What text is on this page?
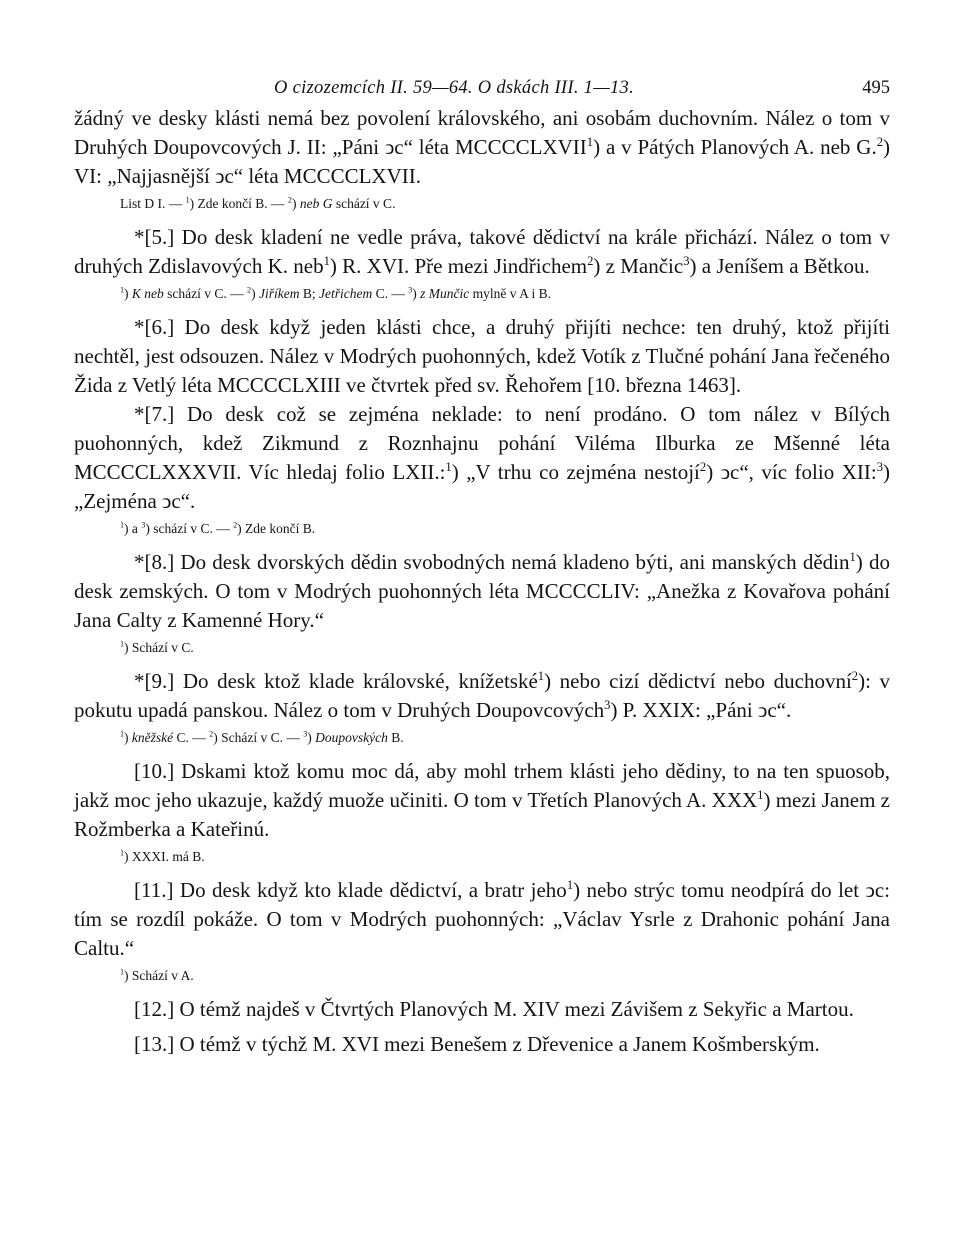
O cizozemcích II. 59—64. O dskách III. 1—13.	495
žádný ve desky klásti nemá bez povolení královského, ani osobám duchovním. Nález o tom v Druhých Doupovcových J. II: „Páni ↄc“ léta MCCCCLXVII$^1$) a v Pátých Planových A. neb G.$^2$) VI: „Najjasnější ↄc“ léta MCCCCLXVII.
List D I. — $^1$) Zde končí B. — $^2$) neb G schází v C.
*[5.] Do desk kladení ne vedle práva, takové dědictví na krále přichází. Nález o tom v druhých Zdislavových K. neb$^1$) R. XVI. Pře mezi Jindřichem$^2$) z Mančic$^3$) a Jeníšem a Bětkou.
$^1$) K neb schází v C. — $^2$) Jiříkem B; Jetřichem C. — $^3$) z Munčic mylně v A i B.
*[6.] Do desk když jeden klásti chce, a druhý přijíti nechce: ten druhý, ktož přijíti nechtěl, jest odsouzen. Nález v Modrých puohonných, kdež Votík z Tlučné pohání Jana řečeného Žida z Vetlý léta MCCCCLXIII ve čtvrtek před sv. Řehořem [10. března 1463].
*[7.] Do desk což se zejména neklade: to není prodáno. O tom nález v Bílých puohonných, kdež Zikmund z Roznhajnu pohání Viléma Ilburka ze Mšenné léta MCCCCLXXXVII. Víc hledaj folio LXII.:$^1$) „V trhu co zejména nestojí$^2$) ↄc“, víc folio XII:$^3$) „Zejména ↄc“.
$^1$) a $^3$) schází v C. — $^2$) Zde končí B.
*[8.] Do desk dvorských dědin svobodných nemá kladeno býti, ani manských dědin$^1$) do desk zemských. O tom v Modrých puohonných léta MCCCCLIV: „Anežka z Kovařova pohání Jana Calty z Kamenné Hory.“
$^1$) Schází v C.
*[9.] Do desk ktož klade královské, knížetské$^1$) nebo cizí dědictví nebo duchovní$^2$): v pokutu upadá panskou. Nález o tom v Druhých Doupovcových$^3$) P. XXIX: „Páni ↄc“.
$^1$) kněžské C. — $^2$) Schází v C. — $^3$) Doupovských B.
[10.] Dskami ktož komu moc dá, aby mohl trhem klásti jeho dědiny, to na ten spuosob, jakž moc jeho ukazuje, každý muože učiniti. O tom v Třetích Planových A. XXX$^1$) mezi Janem z Rožmberka a Kateřinú.
$^1$) XXXI. má B.
[11.] Do desk když kto klade dědictví, a bratr jeho$^1$) nebo strýc tomu neodpírá do let ↄc: tím se rozdíl pokáže. O tom v Modrých puohonných: „Václav Ysrle z Drahonic pohání Jana Caltu.“
$^1$) Schází v A.
[12.] O témž najdeš v Čtvrtých Planových M. XIV mezi Závišem z Sekyřic a Martou.
[13.] O témž v týchž M. XVI mezi Benešem z Dřevenice a Janem Košmberským.
